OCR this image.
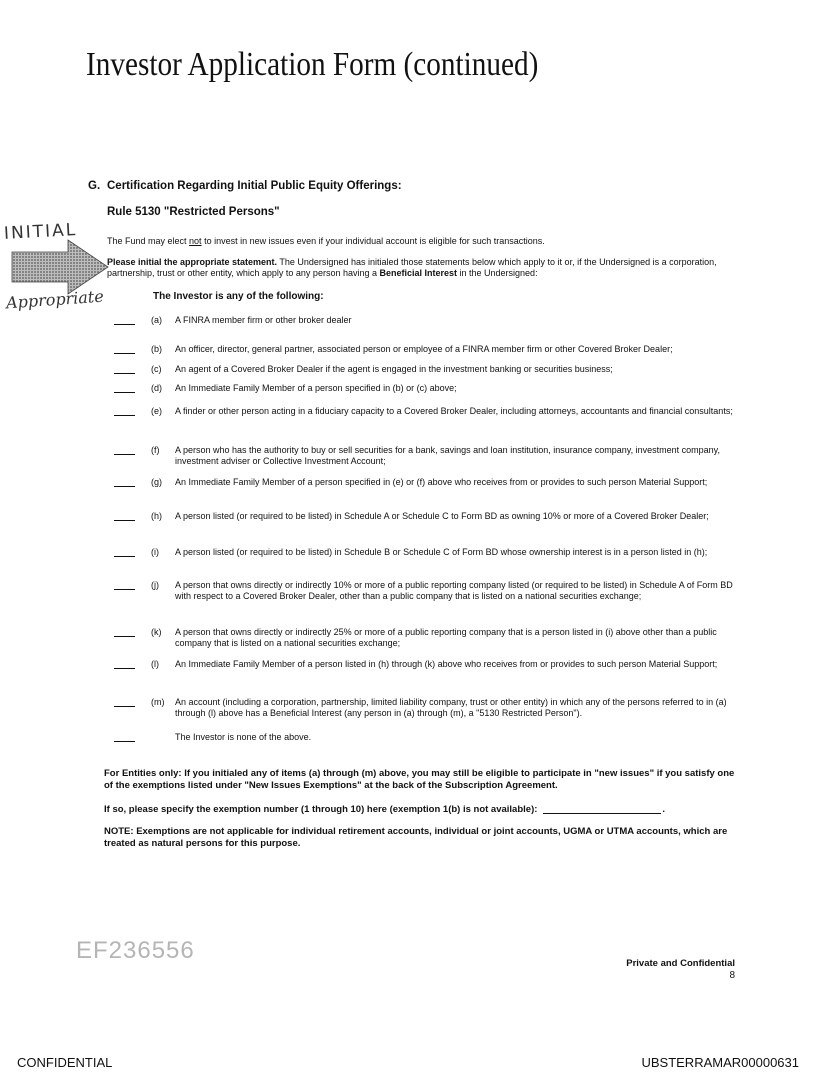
Investor Application Form (continued)
G. Certification Regarding Initial Public Equity Offerings:
Rule 5130 "Restricted Persons"
The Fund may elect not to invest in new issues even if your individual account is eligible for such transactions.
Please initial the appropriate statement. The Undersigned has initialed those statements below which apply to it or, if the Undersigned is a corporation, partnership, trust or other entity, which apply to any person having a Beneficial Interest in the Undersigned:
The Investor is any of the following:
INITIAL
Appropriate
(a) A FINRA member firm or other broker dealer
(b) An officer, director, general partner, associated person or employee of a FINRA member firm or other Covered Broker Dealer;
(c) An agent of a Covered Broker Dealer if the agent is engaged in the investment banking or securities business;
(d) An Immediate Family Member of a person specified in (b) or (c) above;
(e) A finder or other person acting in a fiduciary capacity to a Covered Broker Dealer, including attorneys, accountants and financial consultants;
(f) A person who has the authority to buy or sell securities for a bank, savings and loan institution, insurance company, investment company, investment adviser or Collective Investment Account;
(g) An Immediate Family Member of a person specified in (e) or (f) above who receives from or provides to such person Material Support;
(h) A person listed (or required to be listed) in Schedule A or Schedule C to Form BD as owning 10% or more of a Covered Broker Dealer;
(i) A person listed (or required to be listed) in Schedule B or Schedule C of Form BD whose ownership interest is in a person listed in (h);
(j) A person that owns directly or indirectly 10% or more of a public reporting company listed (or required to be listed) in Schedule A of Form BD with respect to a Covered Broker Dealer, other than a public company that is listed on a national securities exchange;
(k) A person that owns directly or indirectly 25% or more of a public reporting company that is a person listed in (i) above other than a public company that is listed on a national securities exchange;
(l) An Immediate Family Member of a person listed in (h) through (k) above who receives from or provides to such person Material Support;
(m) An account (including a corporation, partnership, limited liability company, trust or other entity) in which any of the persons referred to in (a) through (l) above has a Beneficial Interest (any person in (a) through (m), a "5130 Restricted Person").
The Investor is none of the above.
For Entities only: If you initialed any of items (a) through (m) above, you may still be eligible to participate in "new issues" if you satisfy one of the exemptions listed under "New Issues Exemptions" at the back of the Subscription Agreement.
If so, please specify the exemption number (1 through 10) here (exemption 1(b) is not available):	.
NOTE: Exemptions are not applicable for individual retirement accounts, individual or joint accounts, UGMA or UTMA accounts, which are treated as natural persons for this purpose.
EF236556	Private and Confidential
8
CONFIDENTIAL	UBSTERRAMAR00000631
